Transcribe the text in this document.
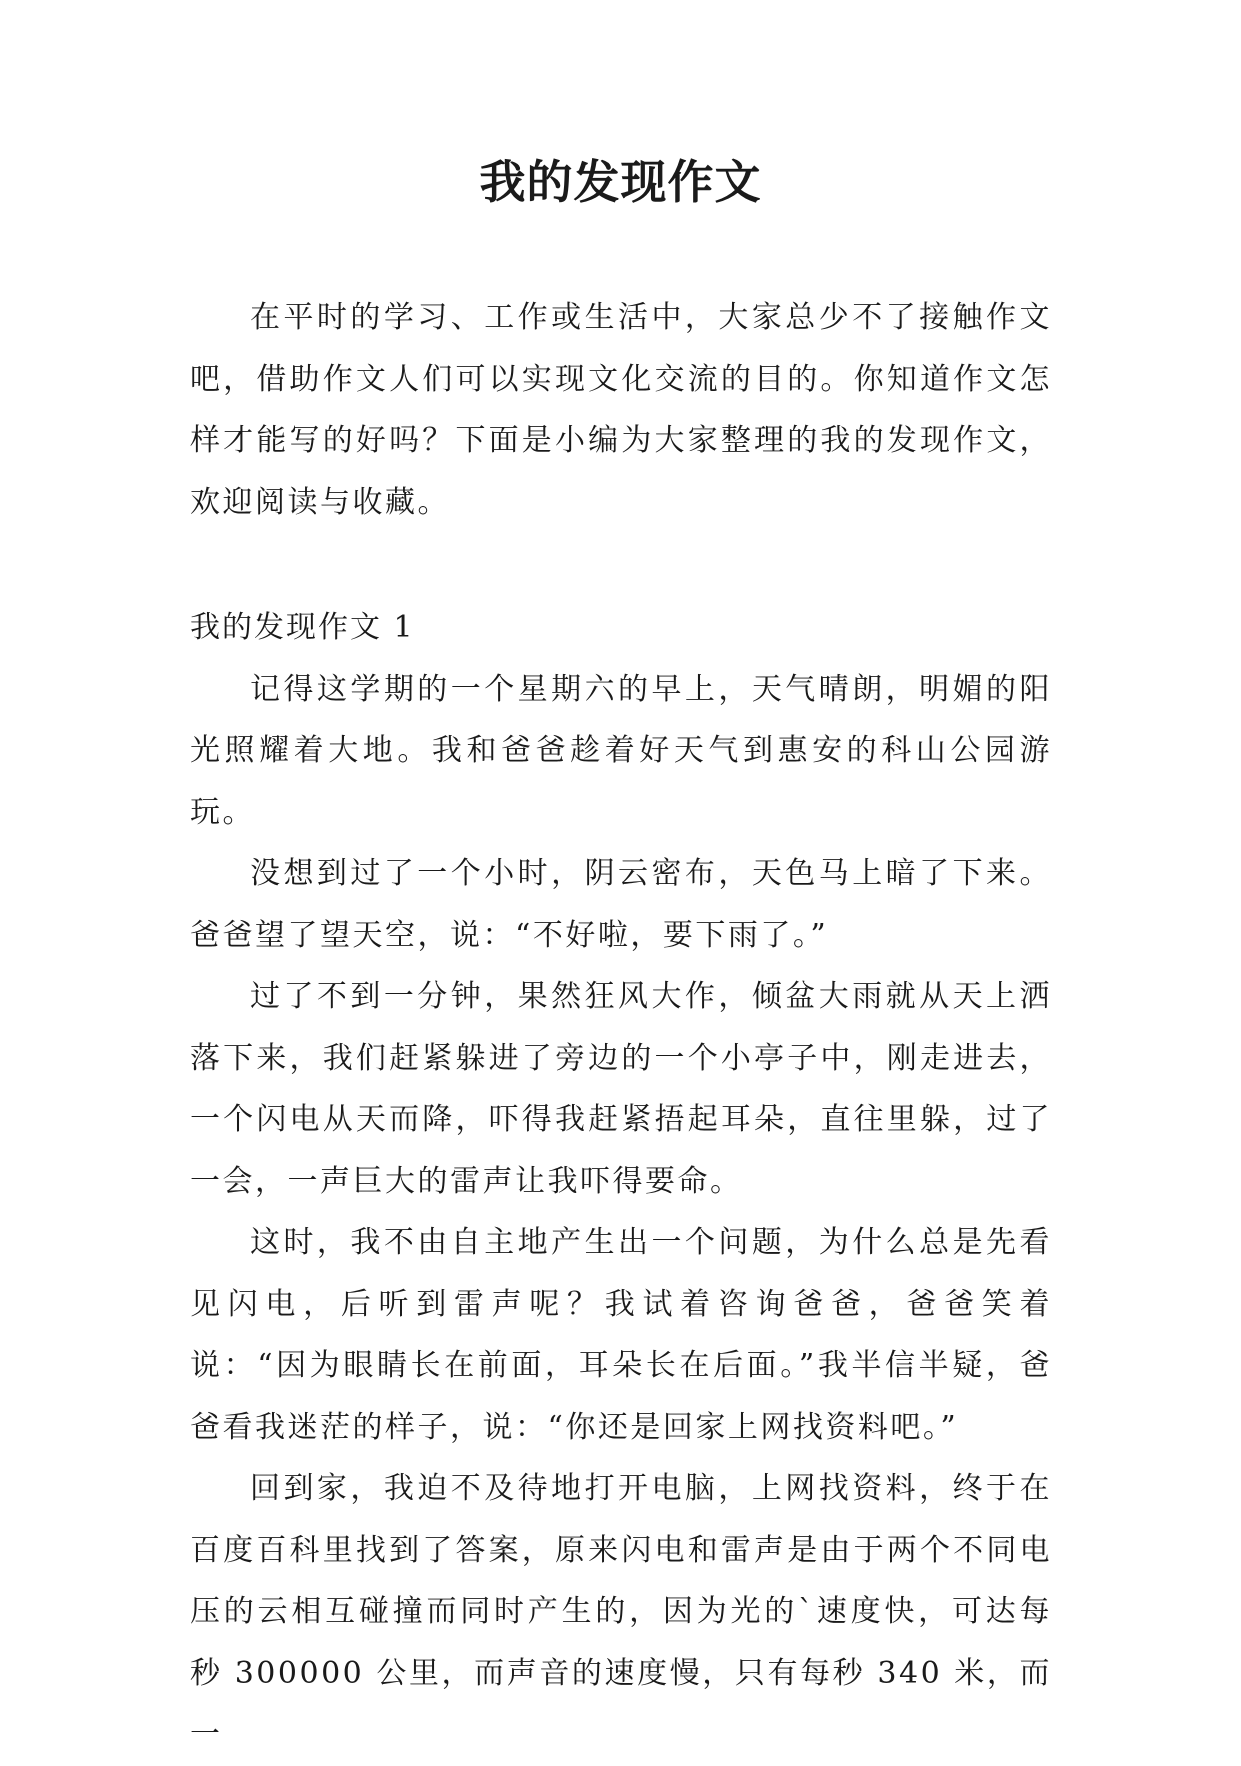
我的发现作文

在平时的学习、工作或生活中，大家总少不了接触作文吧，借助作文人们可以实现文化交流的目的。你知道作文怎样才能写的好吗？下面是小编为大家整理的我的发现作文，欢迎阅读与收藏。

我的发现作文 1

记得这学期的一个星期六的早上，天气晴朗，明媚的阳光照耀着大地。我和爸爸趁着好天气到惠安的科山公园游玩。

没想到过了一个小时，阴云密布，天色马上暗了下来。爸爸望了望天空，说：“不好啦，要下雨了。”

过了不到一分钟，果然狂风大作，倾盆大雨就从天上洒落下来，我们赶紧躲进了旁边的一个小亭子中，刚走进去，一个闪电从天而降，吓得我赶紧捂起耳朵，直往里躲，过了一会，一声巨大的雷声让我吓得要命。

这时，我不由自主地产生出一个问题，为什么总是先看见闪电，后听到雷声呢？我试着咨询爸爸，爸爸笑着说：“因为眼睛长在前面，耳朵长在后面。”我半信半疑，爸爸看我迷茫的样子，说：“你还是回家上网找资料吧。”

回到家，我迫不及待地打开电脑，上网找资料，终于在百度百科里找到了答案，原来闪电和雷声是由于两个不同电压的云相互碰撞而同时产生的，因为光的`速度快，可达每秒 300000 公里，而声音的速度慢，只有每秒 340 米，而一
